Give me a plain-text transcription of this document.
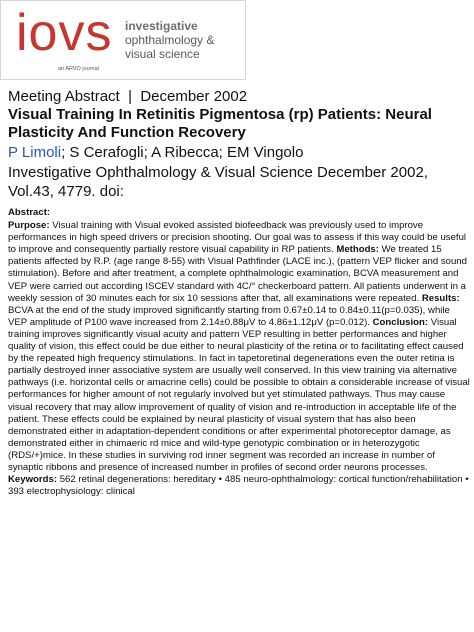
iovs investigative
ophthalmology &
visual science
an ARVO journal
Meeting Abstract | December 2002
Visual Training In Retinitis Pigmentosa (rp) Patients: Neural Plasticity And Function Recovery
P Limoli; S Cerafogli; A Ribecca; EM Vingolo
Investigative Ophthalmology & Visual Science December 2002, Vol.43, 4779. doi:
Abstract:

Purpose: Visual training with Visual evoked assisted biofeedback was previously used to improve performances in high speed drivers or precision shooting. Our goal was to assess if this way could be useful to improve and consequently partially restore visual capability in RP patients. Methods: We treated 15 patients affected by R.P. (age range 8-55) with Visual Pathfinder (LACE inc.), (pattern VEP flicker and sound stimulation). Before and after treatment, a complete ophthalmologic examination, BCVA measurement and VEP were carried out according ISCEV standard with 4C/° checkerboard pattern. All patients underwent in a weekly session of 30 minutes each for six 10 sessions after that, all examinations were repeated. Results: BCVA at the end of the study improved significantly starting from 0.67±0.14 to 0.84±0.11(p=0.035), while VEP amplitude of P100 wave increased from 2.14±0.88μV to 4.86±1.12μV (p=0.012). Conclusion: Visual training improves significantly visual acuity and pattern VEP resulting in better performances and higher quality of vision, this effect could be due either to neural plasticity of the retina or to facilitating effect caused by the repeated high frequency stimulations. In fact in tapetoretinal degenerations even the outer retina is partially destroyed inner associative system are usually well conserved. In this view training via alternative pathways (i.e. horizontal cells or amacrine cells) could be possible to obtain a considerable increase of visual performances for higher amount of not regularly involved but yet stimulated pathways. Thus may cause visual recovery that may allow improvement of quality of vision and re-introduction in acceptable life of the patient. These effects could be explained by neural plasticity of visual system that has also been demonstrated either in adaptation-dependent conditions or after experimental photoreceptor damage, as demonstrated either in chimaeric rd mice and wild-type genotypic combination or in heterozygotic (RDS/+)mice. In these studies in surviving rod inner segment was recorded an increase in number of synaptic ribbons and presence of increased number in profiles of second order neurons processes.

Keywords: 562 retinal degenerations: hereditary • 485 neuro-ophthalmology: cortical function/rehabilitation • 393 electrophysiology: clinical
